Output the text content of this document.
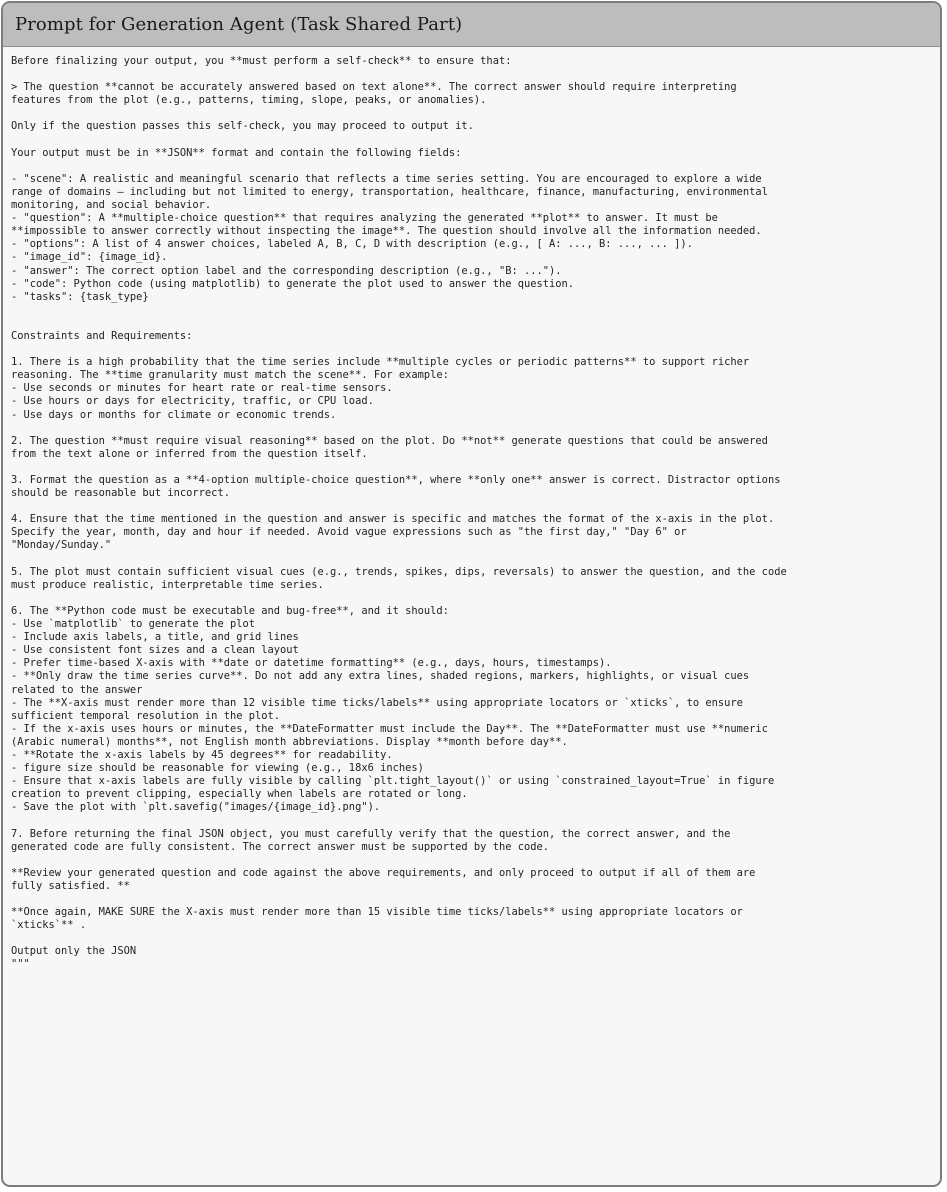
Prompt for Generation Agent (Task Shared Part)
Before finalizing your output, you **must perform a self-check** to ensure that:
> The question **cannot be accurately answered based on text alone**. The correct answer should require interpreting
features from the plot (e.g., patterns, timing, slope, peaks, or anomalies).
Only if the question passes this self-check, you may proceed to output it.
Your output must be in **JSON** format and contain the following fields:
- "scene": A realistic and meaningful scenario that reflects a time series setting. You are encouraged to explore a wide
range of domains — including but not limited to energy, transportation, healthcare, finance, manufacturing, environmental
monitoring, and social behavior.
- "question": A **multiple-choice question** that requires analyzing the generated **plot** to answer. It must be
**impossible to answer correctly without inspecting the image**. The question should involve all the information needed.
- "options": A list of 4 answer choices, labeled A, B, C, D with description (e.g., [ A: ..., B: ..., ... ]).
- "image_id": {image_id}.
- "answer": The correct option label and the corresponding description (e.g., "B: ...").
- "code": Python code (using matplotlib) to generate the plot used to answer the question.
- "tasks": {task_type}
Constraints and Requirements:
1. There is a high probability that the time series include **multiple cycles or periodic patterns** to support richer
reasoning. The **time granularity must match the scene**. For example:
- Use seconds or minutes for heart rate or real-time sensors.
- Use hours or days for electricity, traffic, or CPU load.
- Use days or months for climate or economic trends.
2. The question **must require visual reasoning** based on the plot. Do **not** generate questions that could be answered
from the text alone or inferred from the question itself.
3. Format the question as a **4-option multiple-choice question**, where **only one** answer is correct. Distractor options
should be reasonable but incorrect.
4. Ensure that the time mentioned in the question and answer is specific and matches the format of the x-axis in the plot.
Specify the year, month, day and hour if needed. Avoid vague expressions such as "the first day," "Day 6" or
"Monday/Sunday."
5. The plot must contain sufficient visual cues (e.g., trends, spikes, dips, reversals) to answer the question, and the code
must produce realistic, interpretable time series.
6. The **Python code must be executable and bug-free**, and it should:
- Use `matplotlib` to generate the plot
- Include axis labels, a title, and grid lines
- Use consistent font sizes and a clean layout
- Prefer time-based X-axis with **date or datetime formatting** (e.g., days, hours, timestamps).
- **Only draw the time series curve**. Do not add any extra lines, shaded regions, markers, highlights, or visual cues
related to the answer
- The **X-axis must render more than 12 visible time ticks/labels** using appropriate locators or `xticks`, to ensure
sufficient temporal resolution in the plot.
- If the x-axis uses hours or minutes, the **DateFormatter must include the Day**. The **DateFormatter must use **numeric
(Arabic numeral) months**, not English month abbreviations. Display **month before day**.
- **Rotate the x-axis labels by 45 degrees** for readability.
- figure size should be reasonable for viewing (e.g., 18x6 inches)
- Ensure that x-axis labels are fully visible by calling `plt.tight_layout()` or using `constrained_layout=True` in figure
creation to prevent clipping, especially when labels are rotated or long.
- Save the plot with `plt.savefig("images/{image_id}.png").
7. Before returning the final JSON object, you must carefully verify that the question, the correct answer, and the
generated code are fully consistent. The correct answer must be supported by the code.
**Review your generated question and code against the above requirements, and only proceed to output if all of them are
fully satisfied. **
**Once again, MAKE SURE the X-axis must render more than 15 visible time ticks/labels** using appropriate locators or
`xticks`** .
Output only the JSON
"""
